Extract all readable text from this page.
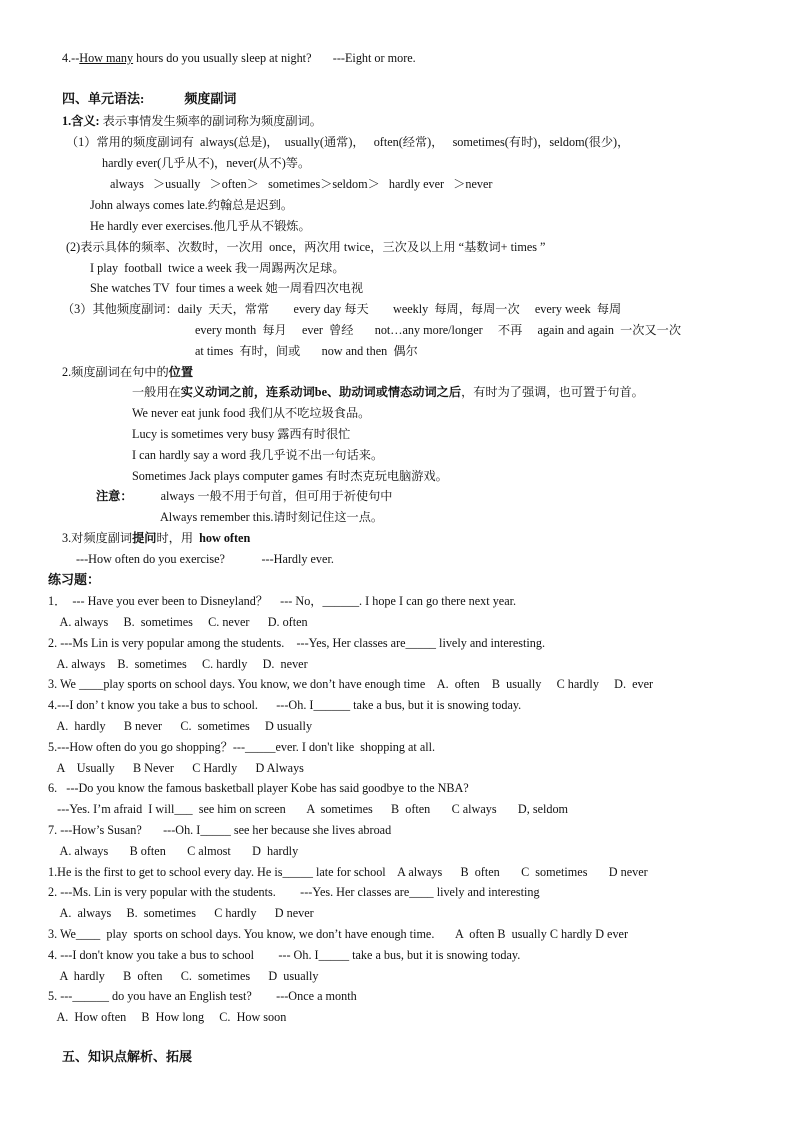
4.--How many hours do you usually sleep at night?       ---Eight or more.

四、单元语法:	频度副词

1.含义: 表示事情发生频率的副词称为频度副词。

（1）常用的频度副词有  always(总是)，  usually(通常)，   often(经常)，   sometimes(有时)，seldom(很少)，

hardly ever(几乎从不)，never(从不)等。

always   ＞usually   ＞often＞   sometimes＞seldom＞   hardly ever   ＞never

John always comes late.约翰总是迟到。

He hardly ever exercises.他几乎从不锻炼。

(2)表示具体的频率、次数时，一次用  once，两次用 twice，三次及以上用 “基数词+ times ”

I play  football  twice a week 我一周踢两次足球。

She watches TV  four times a week 她一周看四次电视

（3）其他频度副词：daily  天天，常常        every day 每天        weekly  每周，每周一次     every week  每周

every month  每月     ever  曾经       not…any more/longer     不再     again and again  一次又一次

at times  有时，间或       now and then  偶尔

2.频度副词在句中的位置

一般用在实义动词之前，连系动词be、助动词或情态动词之后，有时为了强调，也可置于句首。

We never eat junk food 我们从不吃垃圾食品。

Lucy is sometimes very busy 露西有时很忙

I can hardly say a word 我几乎说不出一句话来。

Sometimes Jack plays computer games 有时杰克玩电脑游戏。

注意： always 一般不用于句首，但可用于祈使句中

Always remember this.请时刻记住这一点。

3.对频度副词提问时，用  how often

---How often do you exercise?            ---Hardly ever.

练习题：

1．  --- Have you ever been to Disneyland？    --- No，______. I hope I can go there next year.

A. always     B.  sometimes     C. never      D. often

2. ---Ms Lin is very popular among the students.    ---Yes, Her classes are_____ lively and interesting.

A. always    B.  sometimes     C. hardly     D.  never

3. We ____play sports on school days. You know, we don’t have enough time    A.  often    B  usually     C hardly     D.  ever

4.---I don’ t know you take a bus to school.      ---Oh. I______ take a bus, but it is snowing today.

A.  hardly      B never      C.  sometimes     D usually

5.---How often do you go shopping？---_____ever. I don't like  shopping at all.

A    Usually      B Never      C Hardly      D Always

6.   ---Do you know the famous basketball player Kobe has said goodbye to the NBA?

---Yes. I’m afraid  I will___  see him on screen       A  sometimes      B  often       C always       D, seldom

7. ---How’s Susan?       ---Oh. I_____ see her because she lives abroad

A. always       B often       C almost       D  hardly

1.He is the first to get to school every day. He is_____ late for school    A always      B  often       C  sometimes       D never

2. ---Ms. Lin is very popular with the students.        ---Yes. Her classes are____ lively and interesting

A.  always     B.  sometimes      C hardly      D never

3. We____  play  sports on school days. You know, we don’t have enough time.       A  often B  usually C hardly D ever

4. ---I don't know you take a bus to school        --- Oh. I_____ take a bus, but it is snowing today.

A  hardly      B  often      C.  sometimes      D  usually

5. ---______ do you have an English test?        ---Once a month

A.  How often     B  How long     C.  How soon

五、知识点解析、拓展
